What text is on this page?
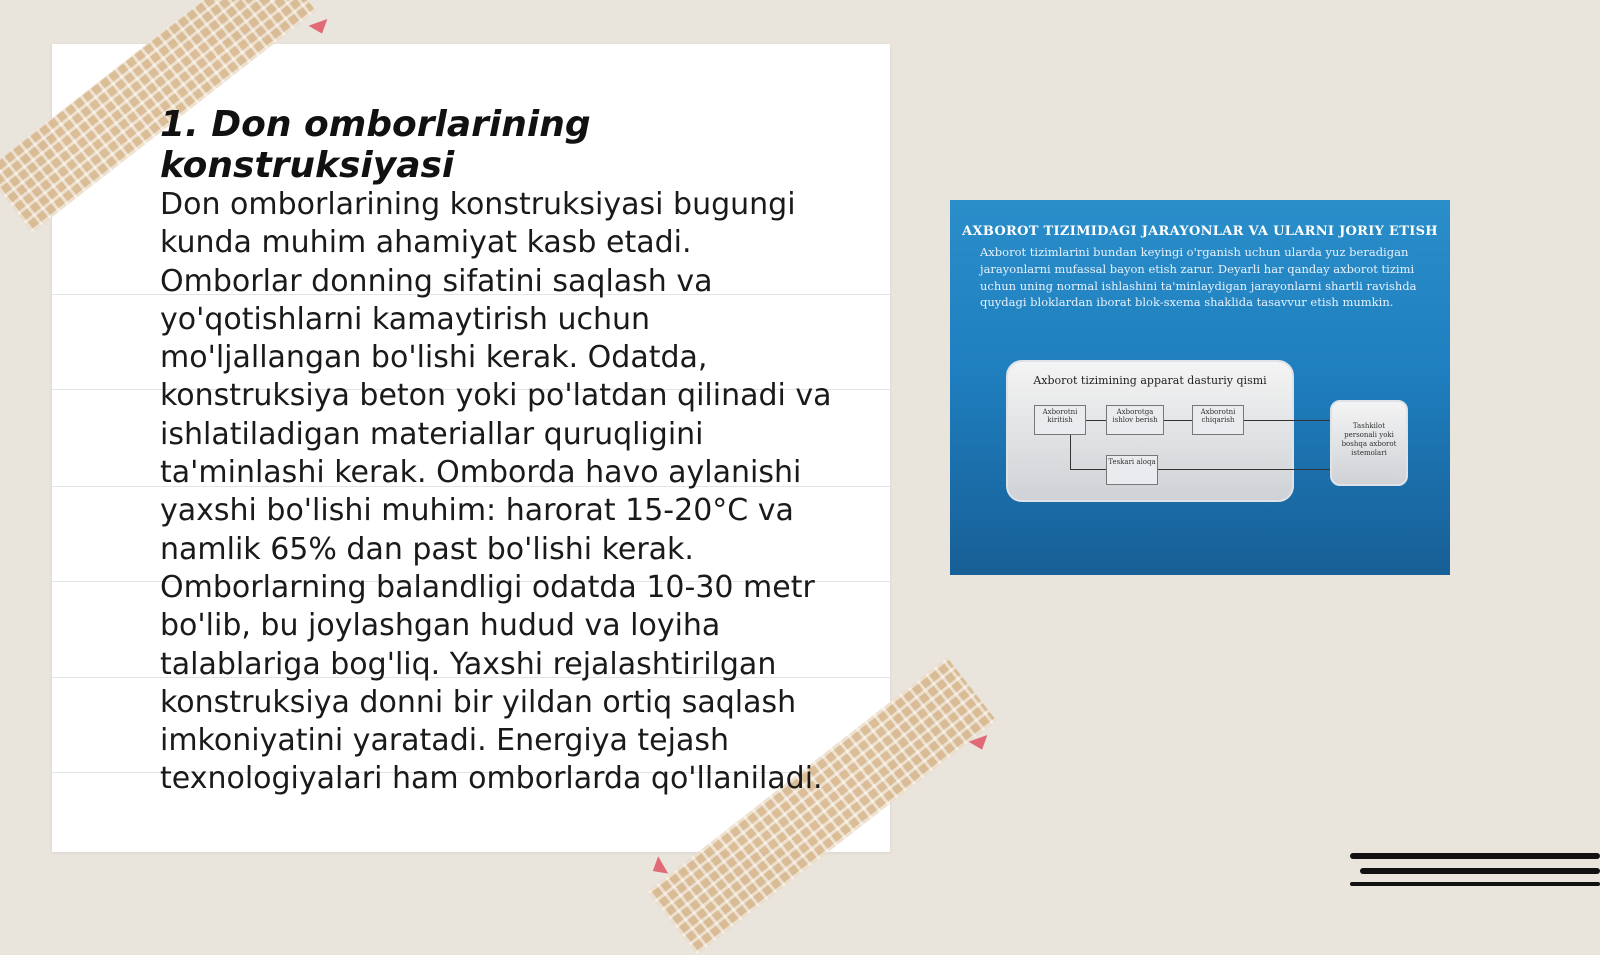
1. Don omborlarining konstruksiyasi

Don omborlarining konstruksiyasi bugungi kunda muhim ahamiyat kasb etadi. Omborlar donning sifatini saqlash va yo'qotishlarni kamaytirish uchun mo'ljallangan bo'lishi kerak. Odatda, konstruksiya beton yoki po'latdan qilinadi va ishlatiladigan materiallar quruqligini ta'minlashi kerak. Omborda havo aylanishi yaxshi bo'lishi muhim: harorat 15-20°C va namlik 65% dan past bo'lishi kerak. Omborlarning balandligi odatda 10-30 metr bo'lib, bu joylashgan hudud va loyiha talablariga bog'liq. Yaxshi rejalashtirilgan konstruksiya donni bir yildan ortiq saqlash imkoniyatini yaratadi. Energiya tejash texnologiyalari ham omborlarda qo'llaniladi.

AXBOROT TIZIMIDAGI JARAYONLAR VA ULARNI JORIY ETISH
Axborot tizimlarini bundan keyingi o'rganish uchun ularda yuz beradigan jarayonlarni mufassal bayon etish zarur. Deyarli har qanday axborot tizimi uchun uning normal ishlashini ta'minlaydigan jarayonlarni shartli ravishda quydagi bloklardan iborat blok-sxema shaklida tasavvur etish mumkin.
Axborot tizimining apparat dasturiy qismi
Axborotni kiritish
Axborotga ishlov berish
Axborotni chiqarish
Teskari aloqa
Tashkilot personali yoki boshqa axborot istemolari
